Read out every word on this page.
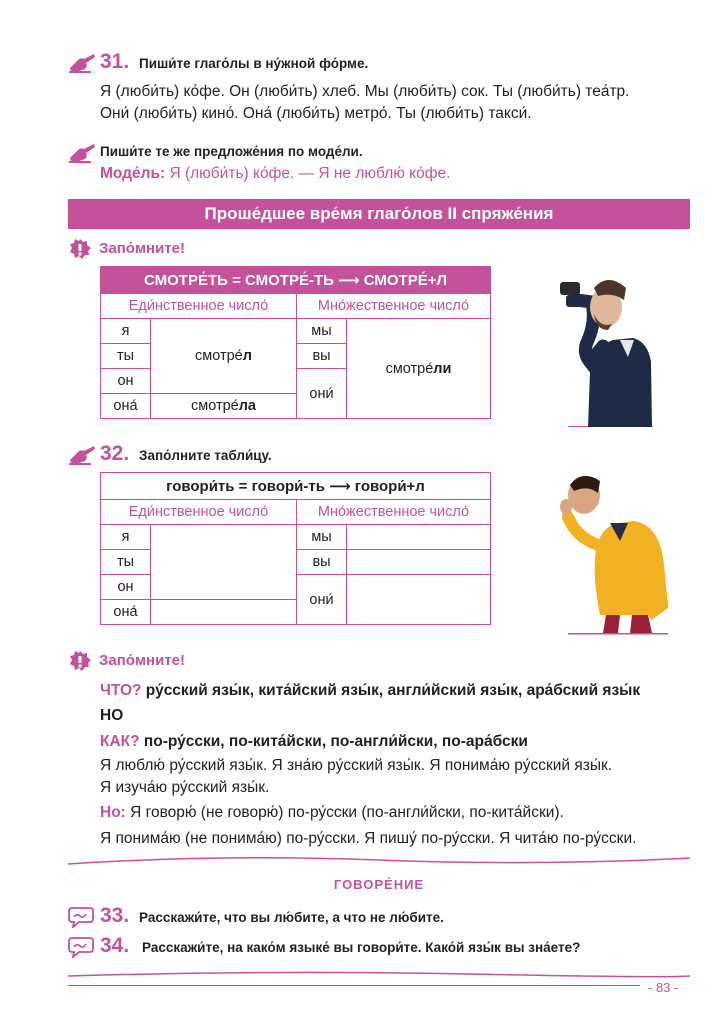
31. Пиши́те глаго́лы в ну́жной фо́рме.
Я (люби́ть) ко́фе. Он (люби́ть) хлеб. Мы (люби́ть) сок. Ты (люби́ть) теа́тр.
Они́ (люби́ть) кино́. Она́ (люби́ть) метро́. Ты (люби́ть) такси́.
Пиши́те те же предложе́ния по моде́ли.
Моде́ль: Я (люби́ть) ко́фе. — Я не люблю́ ко́фе.
Проше́дшее вре́мя глаго́лов II спряже́ния
Запо́мните!
СМОТРЕ́ТЬ = СМОТРЕ́-ТЬ ⟶ СМОТРЕ́+Л			
Еди́нственное число́		Мно́жественное число́	
я	смотре́л	мы	смотре́ли
ты		вы	
он		они́	
она́	смотре́ла		
32. Запо́лните табли́цу.
говори́ть = говори́-ть ⟶ говори́+л			
Еди́нственное число́		Мно́жественное число́	
я		мы	
ты		вы	
он		они́	
она́			
Запо́мните!
ЧТО? ру́сский язы́к, кита́йский язы́к, англи́йский язы́к, ара́бский язы́к
НО
КАК? по-ру́сски, по-кита́йски, по-англи́йски, по-ара́бски
Я люблю́ ру́сский язы́к. Я зна́ю ру́сский язы́к. Я понима́ю ру́сский язы́к.
Я изуча́ю ру́сский язы́к.
Но: Я говорю́ (не говорю́) по-ру́сски (по-англи́йски, по-кита́йски).
Я понима́ю (не понима́ю) по-ру́сски. Я пишу́ по-ру́сски. Я чита́ю по-ру́сски.
ГОВОРЕ́НИЕ
33. Расскажи́те, что вы лю́бите, а что не лю́бите.
34. Расскажи́те, на како́м языке́ вы говори́те. Како́й язы́к вы зна́ете?
- 83 -
